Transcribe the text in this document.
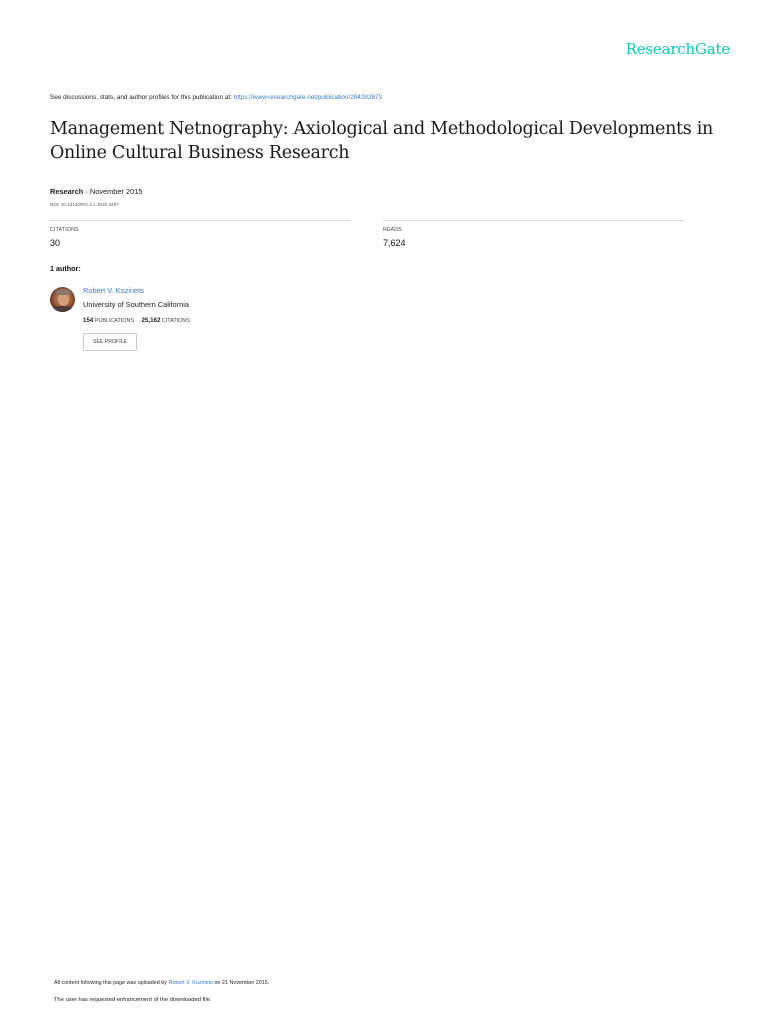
ResearchGate
See discussions, stats, and author profiles for this publication at: https://www.researchgate.net/publication/284282873
Management Netnography: Axiological and Methodological Developments in Online Cultural Business Research
Research · November 2015
DOI: 10.13140/RG.2.1.3020.4487
CITATIONS
30
READS
7,624
1 author:
Robert V. Kozinets
University of Southern California
154 PUBLICATIONS 25,162 CITATIONS
SEE PROFILE
All content following this page was uploaded by Robert V. Kozinets on 21 November 2015.
The user has requested enhancement of the downloaded file.
